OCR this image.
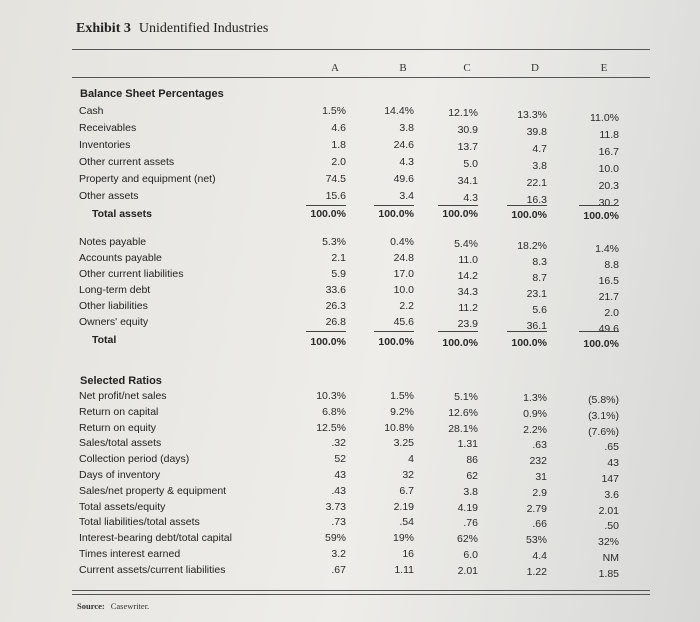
Exhibit 3 Unidentified Industries
A	B	C	D	E
Balance Sheet Percentages
Cash	1.5%	14.4%	12.1%	13.3%	11.0%
Receivables	4.6	3.8	30.9	39.8	11.8
Inventories	1.8	24.6	13.7	4.7	16.7
Other current assets	2.0	4.3	5.0	3.8	10.0
Property and equipment (net)	74.5	49.6	34.1	22.1	20.3
Other assets	15.6	3.4	4.3	16.3	30.2
Total assets	100.0%	100.0%	100.0%	100.0%	100.0%
Notes payable	5.3%	0.4%	5.4%	18.2%	1.4%
Accounts payable	2.1	24.8	11.0	8.3	8.8
Other current liabilities	5.9	17.0	14.2	8.7	16.5
Long-term debt	33.6	10.0	34.3	23.1	21.7
Other liabilities	26.3	2.2	11.2	5.6	2.0
Owners' equity	26.8	45.6	23.9	36.1	49.6
Total	100.0%	100.0%	100.0%	100.0%	100.0%
Net profit/net sales	10.3%	1.5%	5.1%	1.3%	(5.8%)
Return on capital	6.8%	9.2%	12.6%	0.9%	(3.1%)
Return on equity	12.5%	10.8%	28.1%	2.2%	(7.6%)
Sales/total assets	.32	3.25	1.31	.63	.65
Collection period (days)	52	4	86	232	43
Days of inventory	43	32	62	31	147
Sales/net property & equipment	.43	6.7	3.8	2.9	3.6
Total assets/equity	3.73	2.19	4.19	2.79	2.01
Total liabilities/total assets	.73	.54	.76	.66	.50
Interest-bearing debt/total capital	59%	19%	62%	53%	32%
Times interest earned	3.2	16	6.0	4.4	NM
Current assets/current liabilities	.67	1.11	2.01	1.22	1.85
Selected Ratios
Source: Casewriter.
